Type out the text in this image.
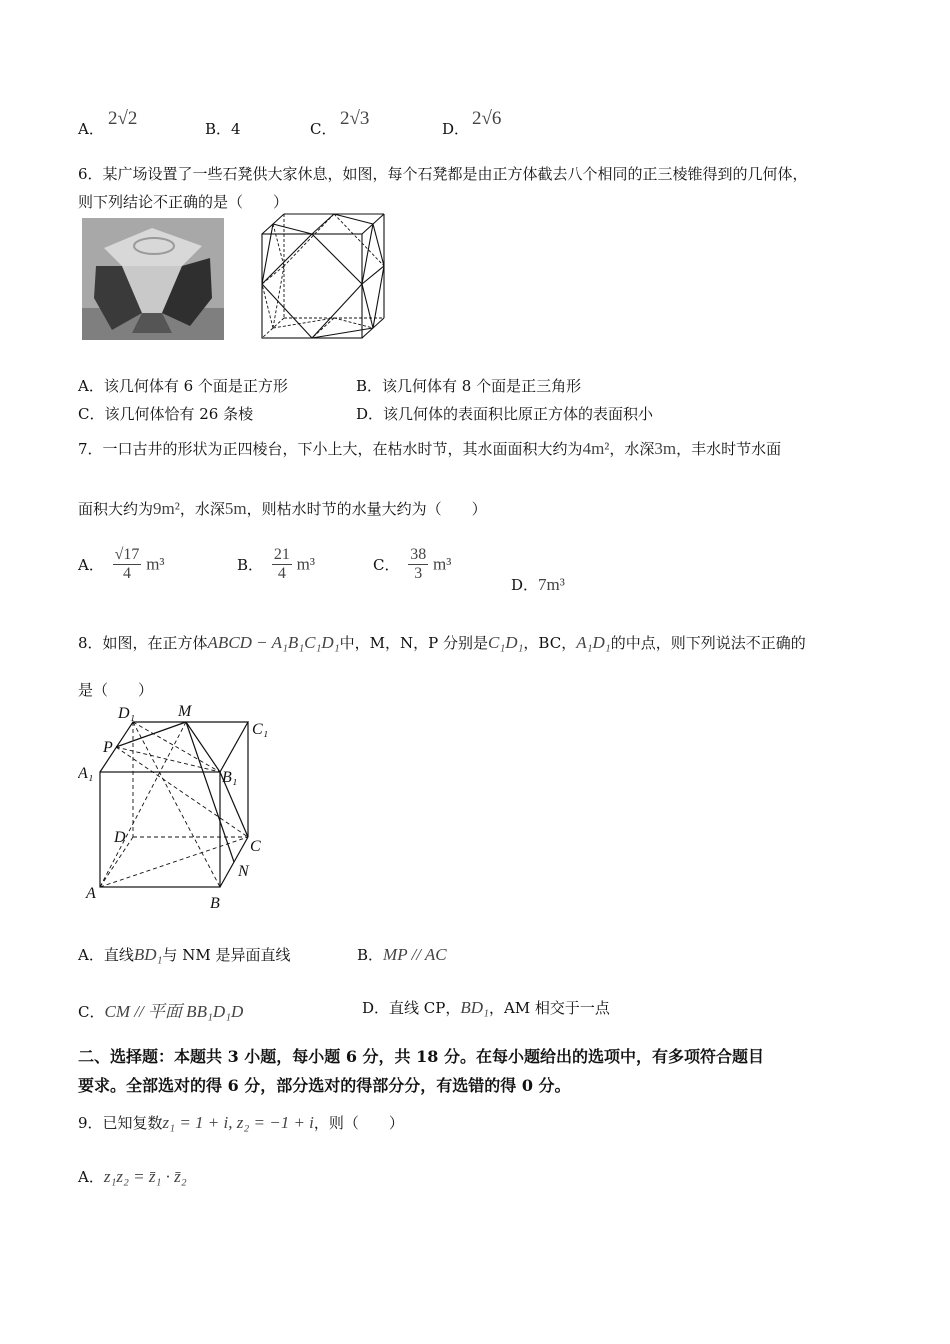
A． 2√2	B．4	C． 2√3	D． 2√6
6．某广场设置了一些石凳供大家休息，如图，每个石凳都是由正方体截去八个相同的正三棱锥得到的几何体，
则下列结论不正确的是（　　）
A．该几何体有 6 个面是正方形	B．该几何体有 8 个面是正三角形
C．该几何体恰有 26 条棱	D．该几何体的表面积比原正方体的表面积小
7．一口古井的形状为正四棱台，下小上大，在枯水时节，其水面面积大约为4m²，水深3m，丰水时节水面
面积大约为9m²，水深5m，则枯水时节的水量大约为（　　）
A． $\frac{√17}{4} m^3$	B． $\frac{21}{4} m^3$	C． $\frac{38}{3} m^3$
D．7m³
8．如图，在正方体ABCD − A₁B₁C₁D₁中，M，N，P 分别是C₁D₁，BC，A₁D₁的中点，则下列说法不正确的
是（　　）
D₁	M
C₁
P
A₁	B₁
D
C
N
A
B
A．直线BD₁与 NM 是异面直线	B．MP // AC
C．CM // 平面 BB₁D₁D	D．直线 CP，BD₁，AM 相交于一点
二、选择题：本题共 3 小题，每小题 6 分，共 18 分。在每小题给出的选项中，有多项符合题目
要求。全部选对的得 6 分，部分选对的得部分分，有选错的得 0 分。
9．已知复数z₁ = 1 + i, z₂ = −1 + i，则（　　）
A．z₁z₂ = z̄₁ · z̄₂
